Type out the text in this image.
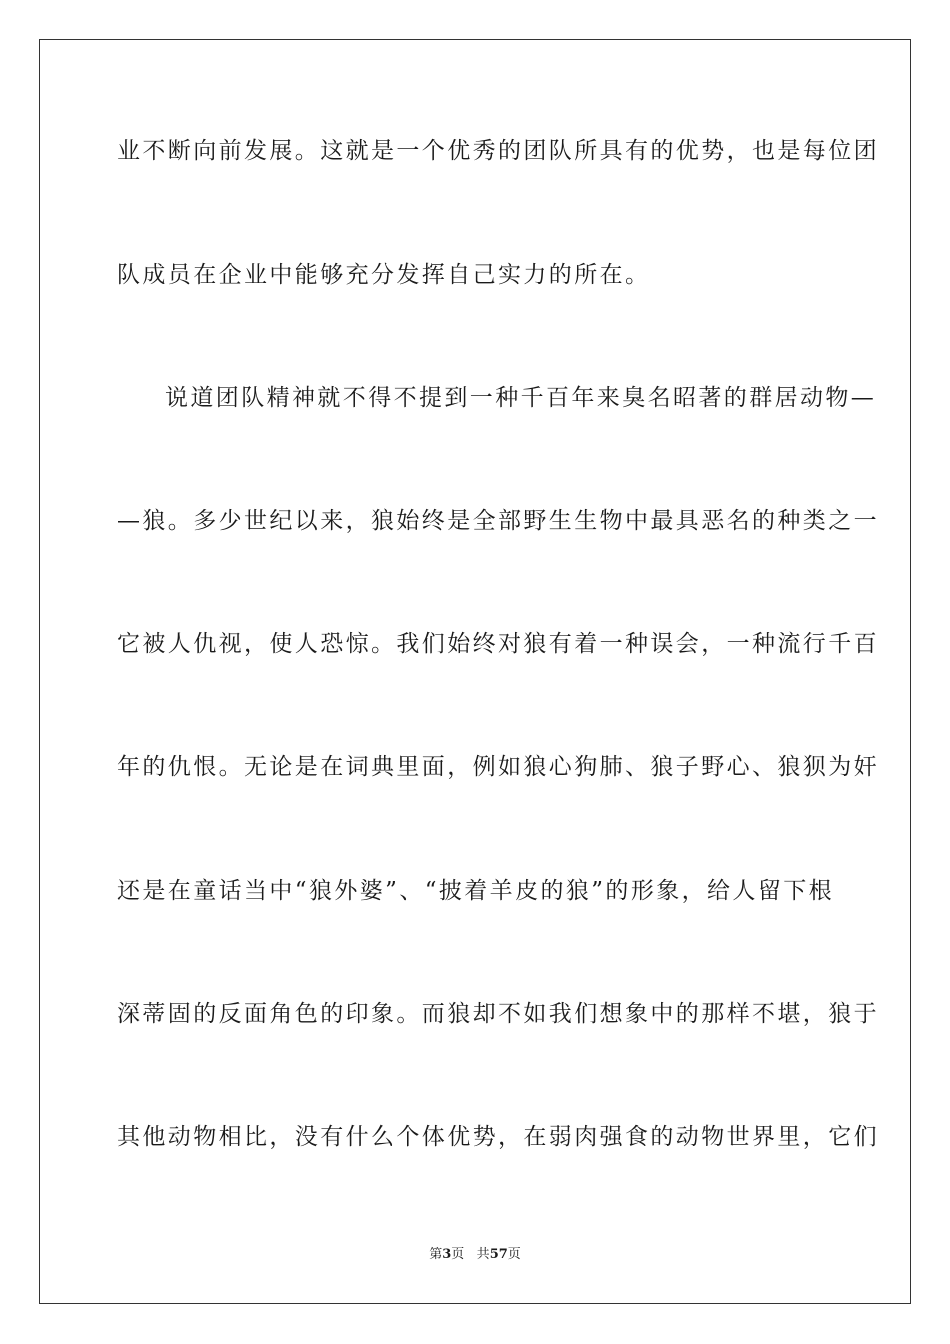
业不断向前发展。这就是一个优秀的团队所具有的优势，也是每位团
队成员在企业中能够充分发挥自己实力的所在。
说道团队精神就不得不提到一种千百年来臭名昭著的群居动物—
—狼。多少世纪以来，狼始终是全部野生生物中最具恶名的种类之一
它被人仇视，使人恐惊。我们始终对狼有着一种误会，一种流行千百
年的仇恨。无论是在词典里面，例如狼心狗肺、狼子野心、狼狈为奸
还是在童话当中“狼外婆”、“披着羊皮的狼”的形象，给人留下根
深蒂固的反面角色的印象。而狼却不如我们想象中的那样不堪，狼于
其他动物相比，没有什么个体优势，在弱肉强食的动物世界里，它们
第3页 共57页
